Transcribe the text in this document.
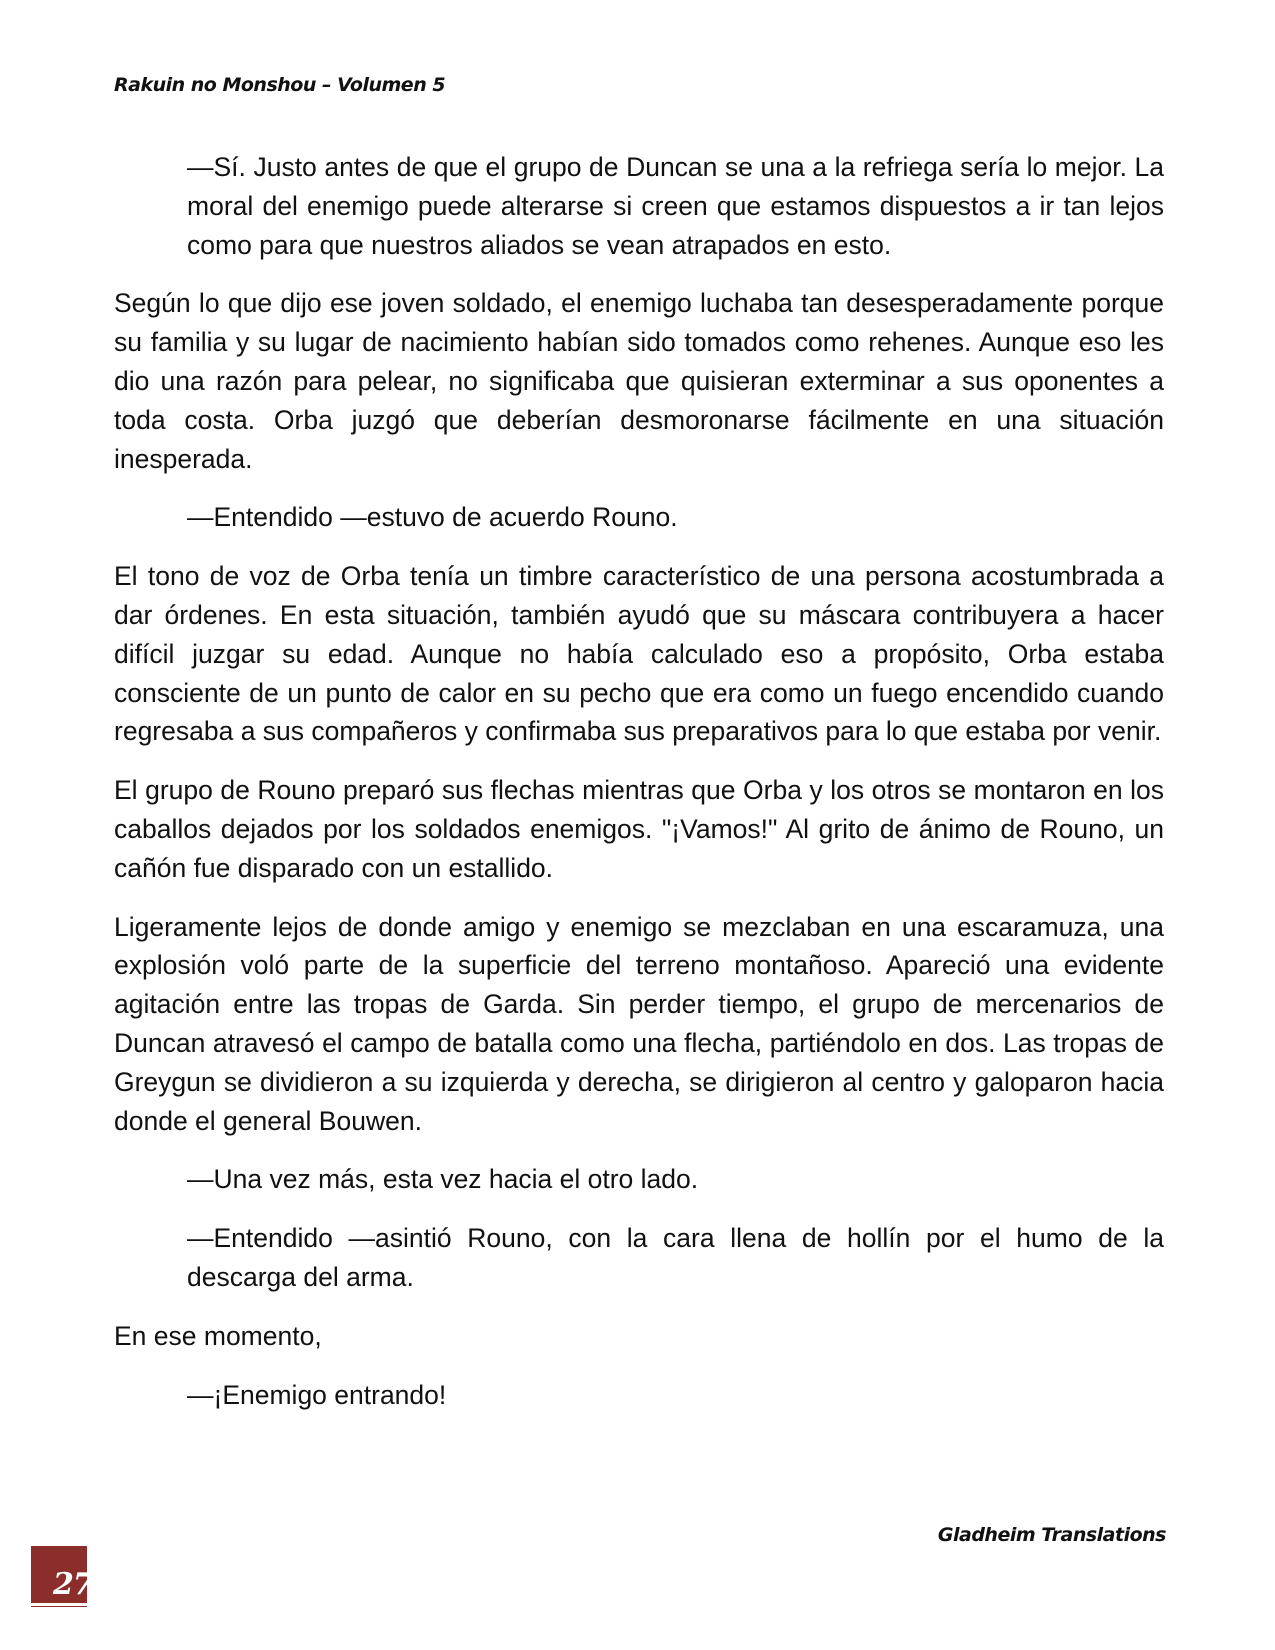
Rakuin no Monshou – Volumen 5

—Sí. Justo antes de que el grupo de Duncan se una a la refriega sería lo mejor. La moral del enemigo puede alterarse si creen que estamos dispuestos a ir tan lejos como para que nuestros aliados se vean atrapados en esto.

Según lo que dijo ese joven soldado, el enemigo luchaba tan desesperadamente porque su familia y su lugar de nacimiento habían sido tomados como rehenes. Aunque eso les dio una razón para pelear, no significaba que quisieran exterminar a sus oponentes a toda costa. Orba juzgó que deberían desmoronarse fácilmente en una situación inesperada.

—Entendido —estuvo de acuerdo Rouno.

El tono de voz de Orba tenía un timbre característico de una persona acostumbrada a dar órdenes. En esta situación, también ayudó que su máscara contribuyera a hacer difícil juzgar su edad. Aunque no había calculado eso a propósito, Orba estaba consciente de un punto de calor en su pecho que era como un fuego encendido cuando regresaba a sus compañeros y confirmaba sus preparativos para lo que estaba por venir.

El grupo de Rouno preparó sus flechas mientras que Orba y los otros se montaron en los caballos dejados por los soldados enemigos. "¡Vamos!" Al grito de ánimo de Rouno, un cañón fue disparado con un estallido.

Ligeramente lejos de donde amigo y enemigo se mezclaban en una escaramuza, una explosión voló parte de la superficie del terreno montañoso. Apareció una evidente agitación entre las tropas de Garda. Sin perder tiempo, el grupo de mercenarios de Duncan atravesó el campo de batalla como una flecha, partiéndolo en dos. Las tropas de Greygun se dividieron a su izquierda y derecha, se dirigieron al centro y galoparon hacia donde el general Bouwen.

—Una vez más, esta vez hacia el otro lado.

—Entendido —asintió Rouno, con la cara llena de hollín por el humo de la descarga del arma.

En ese momento,

—¡Enemigo entrando!

Gladheim Translations
27
